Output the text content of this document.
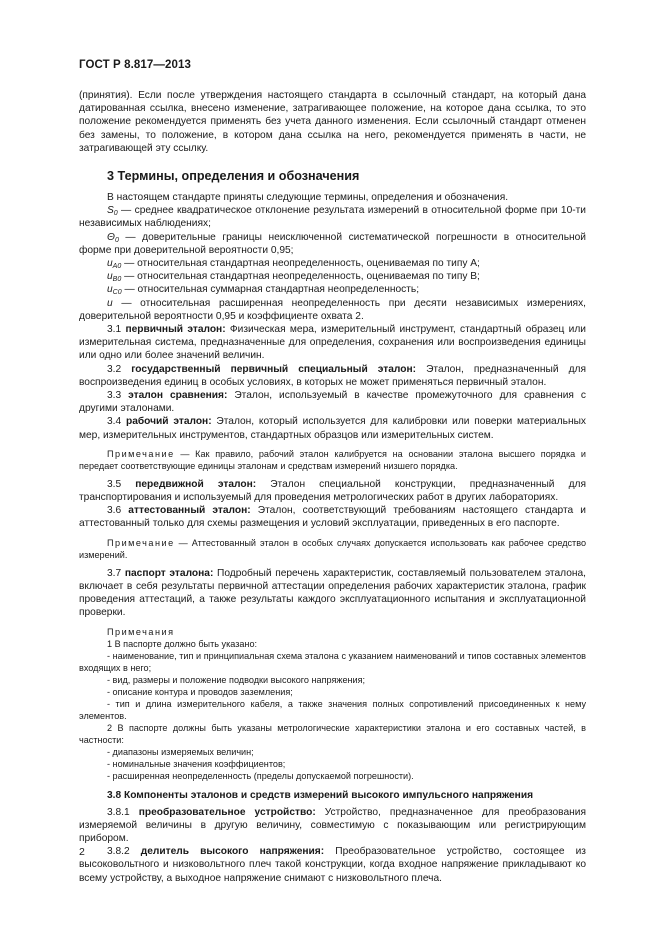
ГОСТ Р 8.817—2013

(принятия). Если после утверждения настоящего стандарта в ссылочный стандарт, на который дана датированная ссылка, внесено изменение, затрагивающее положение, на которое дана ссылка, то это положение рекомендуется применять без учета данного изменения. Если ссылочный стандарт отменен без замены, то положение, в котором дана ссылка на него, рекомендуется применять в части, не затрагивающей эту ссылку.

3 Термины, определения и обозначения

В настоящем стандарте приняты следующие термины, определения и обозначения.

$S_0$ — среднее квадратическое отклонение результата измерений в относительной форме при 10-ти независимых наблюдениях;

$\Theta_0$ — доверительные границы неисключенной систематической погрешности в относительной форме при доверительной вероятности 0,95;

$u_{A0}$ — относительная стандартная неопределенность, оцениваемая по типу А;

$u_{B0}$ — относительная стандартная неопределенность, оцениваемая по типу В;

$u_{C0}$ — относительная суммарная стандартная неопределенность;

u — относительная расширенная неопределенность при десяти независимых измерениях, доверительной вероятности 0,95 и коэффициенте охвата 2.

3.1 первичный эталон: Физическая мера, измерительный инструмент, стандартный образец или измерительная система, предназначенные для определения, сохранения или воспроизведения единицы или одно или более значений величин.

3.2 государственный первичный специальный эталон: Эталон, предназначенный для воспроизведения единиц в особых условиях, в которых не может применяться первичный эталон.

3.3 эталон сравнения: Эталон, используемый в качестве промежуточного для сравнения с другими эталонами.

3.4 рабочий эталон: Эталон, который используется для калибровки или поверки материальных мер, измерительных инструментов, стандартных образцов или измерительных систем.

Примечание — Как правило, рабочий эталон калибруется на основании эталона высшего порядка и передает соответствующие единицы эталонам и средствам измерений низшего порядка.

3.5 передвижной эталон: Эталон специальной конструкции, предназначенный для транспортирования и используемый для проведения метрологических работ в других лабораториях.

3.6 аттестованный эталон: Эталон, соответствующий требованиям настоящего стандарта и аттестованный только для схемы размещения и условий эксплуатации, приведенных в его паспорте.

Примечание — Аттестованный эталон в особых случаях допускается использовать как рабочее средство измерений.

3.7 паспорт эталона: Подробный перечень характеристик, составляемый пользователем эталона, включает в себя результаты первичной аттестации определения рабочих характеристик эталона, график проведения аттестаций, а также результаты каждого эксплуатационного испытания и эксплуатационной проверки.

Примечания

1 В паспорте должно быть указано:

- наименование, тип и принципиальная схема эталона с указанием наименований и типов составных элементов входящих в него;

- вид, размеры и положение подводки высокого напряжения;

- описание контура и проводов заземления;

- тип и длина измерительного кабеля, а также значения полных сопротивлений присоединенных к нему элементов.

2 В паспорте должны быть указаны метрологические характеристики эталона и его составных частей, в частности:

- диапазоны измеряемых величин;

- номинальные значения коэффициентов;

- расширенная неопределенность (пределы допускаемой погрешности).

3.8 Компоненты эталонов и средств измерений высокого импульсного напряжения

3.8.1 преобразовательное устройство: Устройство, предназначенное для преобразования измеряемой величины в другую величину, совместимую с показывающим или регистрирующим прибором.

3.8.2 делитель высокого напряжения: Преобразовательное устройство, состоящее из высоковольтного и низковольтного плеч такой конструкции, когда входное напряжение прикладывают ко всему устройству, а выходное напряжение снимают с низковольтного плеча.

2
